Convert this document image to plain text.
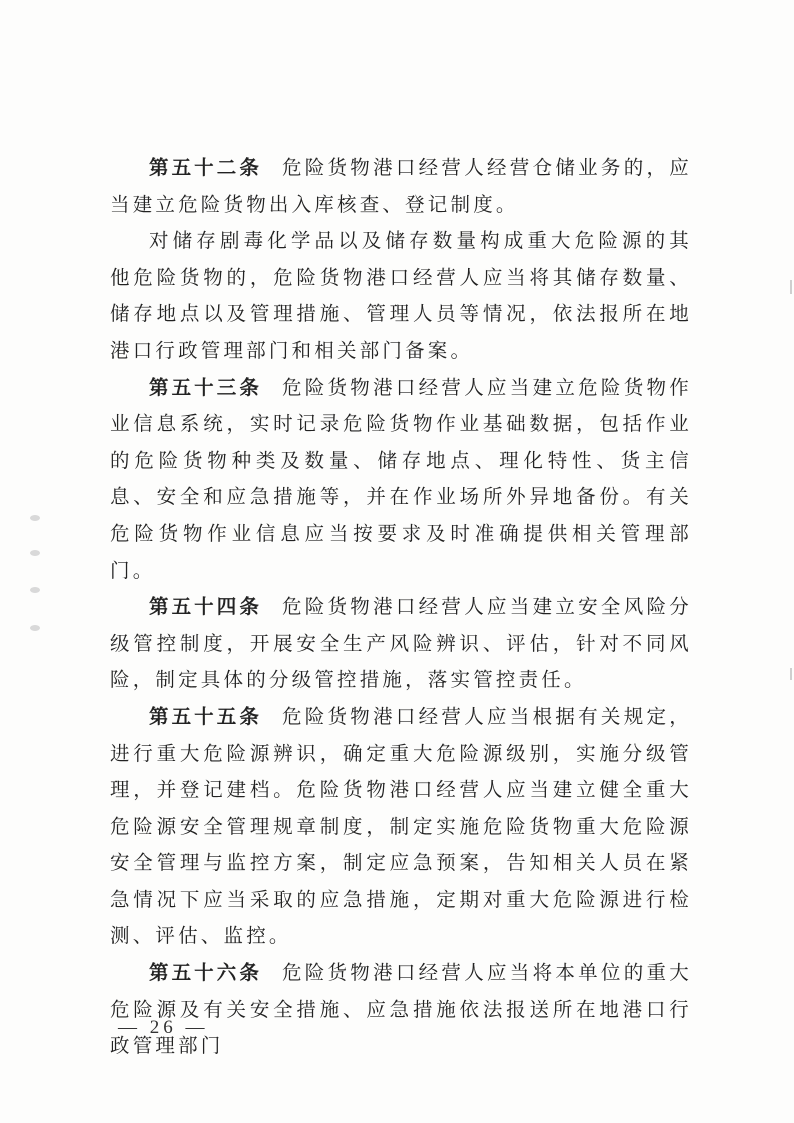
第五十二条 危险货物港口经营人经营仓储业务的，应当建立危险货物出入库核查、登记制度。

对储存剧毒化学品以及储存数量构成重大危险源的其他危险货物的，危险货物港口经营人应当将其储存数量、储存地点以及管理措施、管理人员等情况，依法报所在地港口行政管理部门和相关部门备案。

第五十三条 危险货物港口经营人应当建立危险货物作业信息系统，实时记录危险货物作业基础数据，包括作业的危险货物种类及数量、储存地点、理化特性、货主信息、安全和应急措施等，并在作业场所外异地备份。有关危险货物作业信息应当按要求及时准确提供相关管理部门。

第五十四条 危险货物港口经营人应当建立安全风险分级管控制度，开展安全生产风险辨识、评估，针对不同风险，制定具体的分级管控措施，落实管控责任。

第五十五条 危险货物港口经营人应当根据有关规定，进行重大危险源辨识，确定重大危险源级别，实施分级管理，并登记建档。危险货物港口经营人应当建立健全重大危险源安全管理规章制度，制定实施危险货物重大危险源安全管理与监控方案，制定应急预案，告知相关人员在紧急情况下应当采取的应急措施，定期对重大危险源进行检测、评估、监控。

第五十六条 危险货物港口经营人应当将本单位的重大危险源及有关安全措施、应急措施依法报送所在地港口行政管理部门

— 26 —
